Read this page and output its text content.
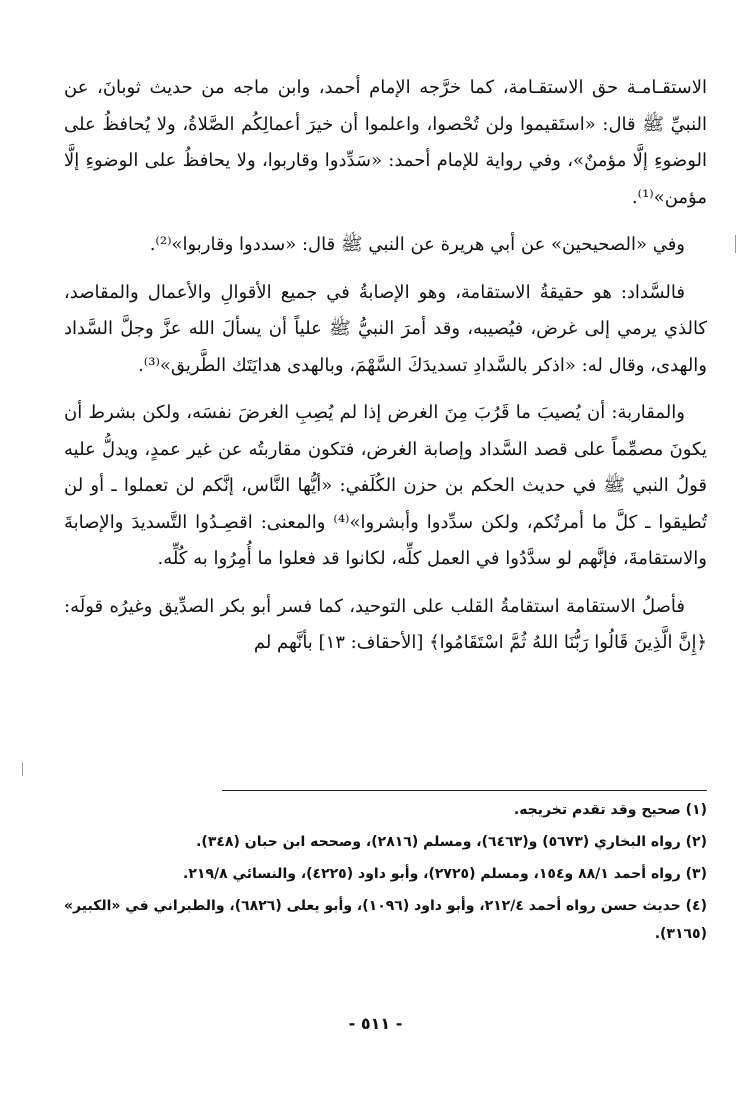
الاستقـامـة حق الاستقـامة، كما خرَّجه الإمام أحمد، وابن ماجه من حديث ثوبانَ، عن النبيِّ ﷺ قال: «استَقيموا ولن تُحْصوا، واعلموا أن خيرَ أعمالِكُم الصَّلاةُ، ولا يُحافظُ على الوضوءِ إلَّا مؤمنٌ»، وفي رواية للإمام أحمد: «سَدِّدوا وقاربوا، ولا يحافظُ على الوضوءِ إلَّا مؤمن»⁽¹⁾.

وفي «الصحيحين» عن أبي هريرة عن النبي ﷺ قال: «سددوا وقاربوا»⁽²⁾.

فالسَّداد: هو حقيقةُ الاستقامة، وهو الإصابةُ في جميع الأقوالِ والأعمال والمقاصد، كالذي يرمي إلى غرض، فيُصيبه، وقد أمرَ النبيُّ ﷺ علياً أن يسألَ الله عزَّ وجلَّ السَّداد والهدى، وقال له: «اذكر بالسَّدادِ تسديدَكَ السَّهْمَ، وبالهدى هدايَتَك الطَّريق»⁽³⁾.

والمقاربة: أن يُصيبَ ما قَرُبَ مِنَ الغرض إذا لم يُصِبِ الغرضَ نفسَه، ولكن بشرط أن يكونَ مصمِّماً على قصد السَّداد وإصابة الغرض، فتكون مقاربتُه عن غير عمدٍ، ويدلُّ عليه قولُ النبي ﷺ في حديث الحكم بن حزن الكُلَفي: «أيُّها النَّاس، إنَّكم لن تعملوا ـ أو لن تُطيقوا ـ كلَّ ما أمرتُكم، ولكن سدِّدوا وأبشروا»⁽⁴⁾ والمعنى: اقصِـدُوا التَّسديدَ والإصابةَ والاستقامةَ، فإنَّهم لو سدَّدُوا في العمل كلِّه، لكانوا قد فعلوا ما أُمِرُوا به كُلِّه.

فأصلُ الاستقامة استقامةُ القلب على التوحيد، كما فسر أبو بكر الصدِّيق وغيرُه قولَه: ﴿إِنَّ الَّذِينَ قَالُوا رَبُّنَا اللهُ ثُمَّ اسْتَقَامُوا﴾ [الأحقاف: ١٣] بأنَّهم لم

(١) صحيح وقد تقدم تخريجه.

(٢) رواه البخاري (٥٦٧٣) و(٦٤٦٣)، ومسلم (٢٨١٦)، وصححه ابن حبان (٣٤٨).

(٣) رواه أحمد ٨٨/١ و١٥٤، ومسلم (٢٧٢٥)، وأبو داود (٤٢٢٥)، والنسائي ٢١٩/٨.

(٤) حديث حسن رواه أحمد ٢١٢/٤، وأبو داود (١٠٩٦)، وأبو يعلى (٦٨٢٦)، والطبراني في «الكبير» (٣١٦٥).

- ٥١١ -
